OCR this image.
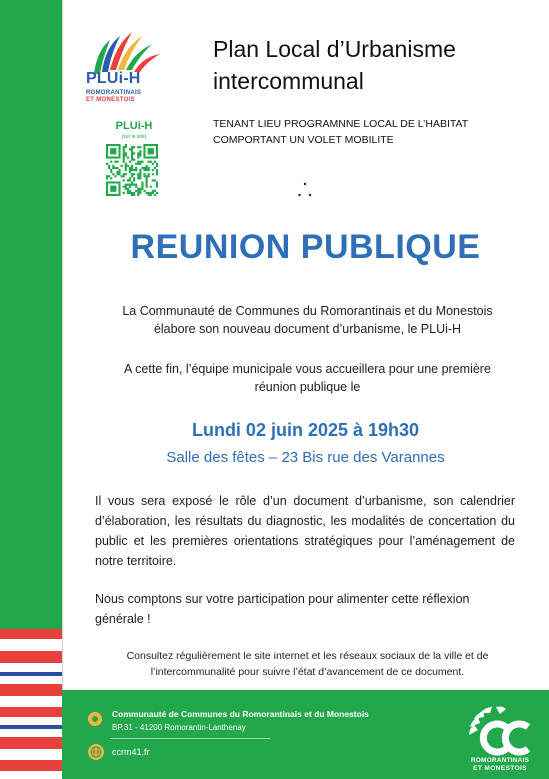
PLUi-H
ROMORANTINAIS
ET MONESTOIS
PLUi-H
(sur le site)
Plan Local d’Urbanisme
intercommunal
TENANT LIEU PROGRAMNNE LOCAL DE L’HABITAT
COMPORTANT UN VOLET MOBILITE
REUNION PUBLIQUE
La Communauté de Communes du Romorantinais et du Monestois
élabore son nouveau document d’urbanisme, le PLUi-H
A cette fin, l’équipe municipale vous accueillera pour une première
réunion publique le
Lundi 02 juin 2025 à 19h30
Salle des fêtes – 23 Bis rue des Varannes
Il vous sera exposé le rôle d’un document d’urbanisme, son calendrier d’élaboration, les résultats du diagnostic, les modalités de concertation du public et les premières orientations stratégiques pour l’aménagement de notre territoire.
Nous comptons sur votre participation pour alimenter cette réflexion
générale !
Consultez régulièrement le site internet et les réseaux sociaux de la ville et de
l’intercommunalité pour suivre l’état d’avancement de ce document.
Communauté de Communes du Romorantinais et du Monestois
BP.31 - 41200 Romorantin-Lanthenay
ccrm41.fr
ROMORANTINAIS
ET MONESTOIS
